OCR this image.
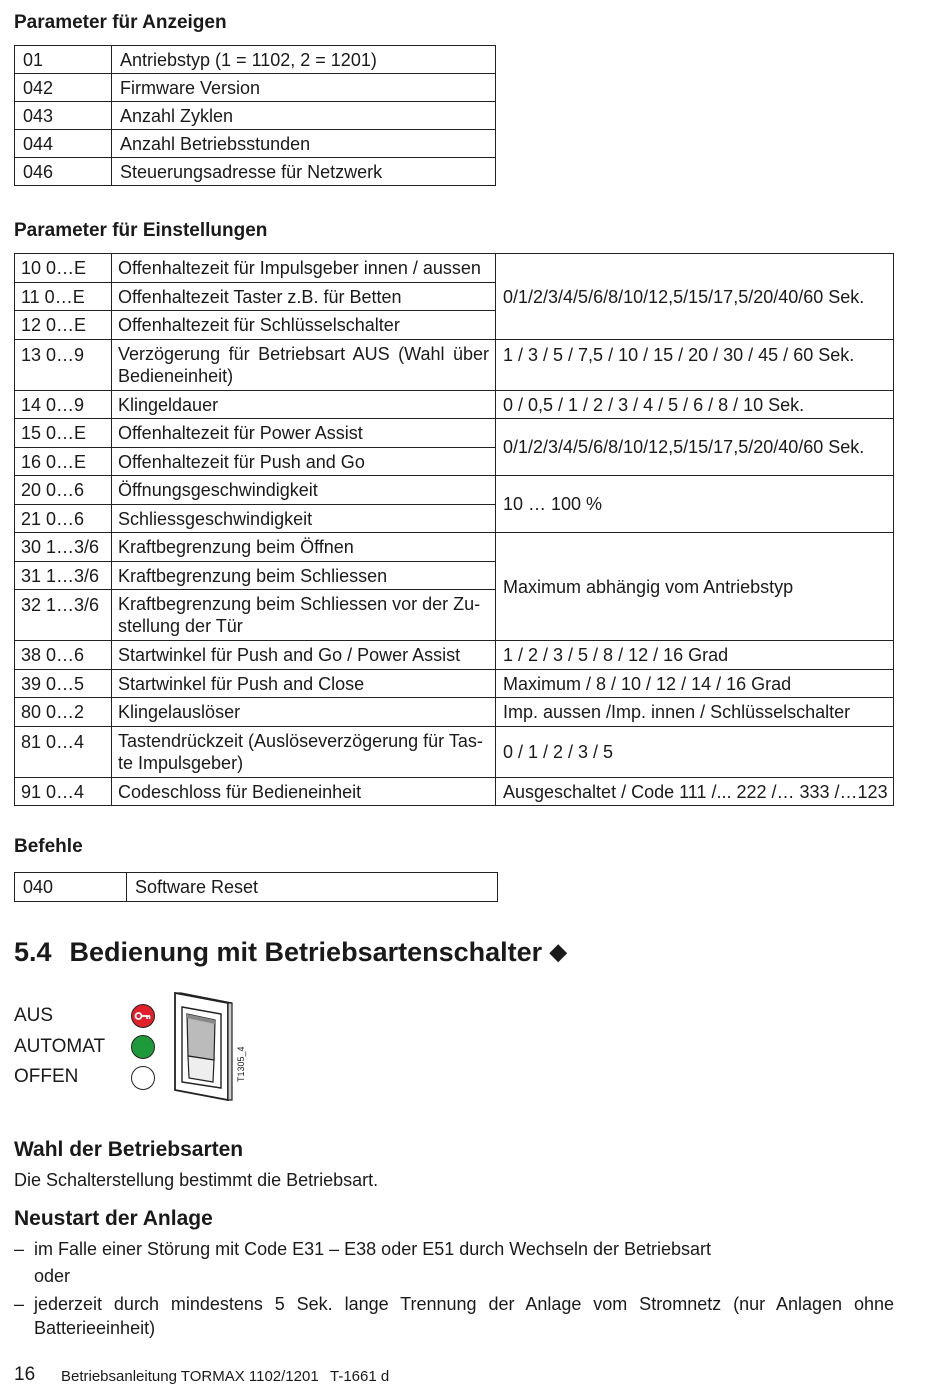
Parameter für Anzeigen
01	Antriebstyp (1 = 1102, 2 = 1201)
042	Firmware Version
043	Anzahl Zyklen
044	Anzahl Betriebsstunden
046	Steuerungsadresse für Netzwerk
Parameter für Einstellungen
10 0…E	Offenhaltezeit für Impulsgeber innen / aussen	0/1/2/3/4/5/6/8/10/12,5/15/17,5/20/40/60 Sek.
11 0…E	Offenhaltezeit Taster z.B. für Betten	
12 0…E	Offenhaltezeit für Schlüsselschalter	
13 0…9	Verzögerung für Betriebsart AUS (Wahl über Bedieneinheit)	1 / 3 / 5 / 7,5 / 10 / 15 / 20 / 30 / 45 / 60 Sek.
14 0…9	Klingeldauer	0 / 0,5 / 1 / 2 / 3 / 4 / 5 / 6 / 8 / 10 Sek.
15 0…E	Offenhaltezeit für Power Assist	0/1/2/3/4/5/6/8/10/12,5/15/17,5/20/40/60 Sek.
16 0…E	Offenhaltezeit für Push and Go	
20 0…6	Öffnungsgeschwindigkeit	10 … 100 %
21 0…6	Schliessgeschwindigkeit	
30 1…3/6	Kraftbegrenzung beim Öffnen	Maximum abhängig vom Antriebstyp
31 1…3/6	Kraftbegrenzung beim Schliessen	
32 1…3/6	Kraftbegrenzung beim Schliessen vor der Zu-
stellung der Tür	
38 0…6	Startwinkel für Push and Go / Power Assist	1 / 2 / 3 / 5 / 8 / 12 / 16 Grad
39 0…5	Startwinkel für Push and Close	Maximum / 8 / 10 / 12 / 14 / 16 Grad
80 0…2	Klingelauslöser	Imp. aussen /Imp. innen / Schlüsselschalter
81 0…4	Tastendrückzeit (Auslöseverzögerung für Tas-
te Impulsgeber)	0 / 1 / 2 / 3 / 5
91 0…4	Codeschloss für Bedieneinheit	Ausgeschaltet / Code 111 /... 222 /… 333 /…123
Befehle
040	Software Reset
5.4 Bedienung mit Betriebsartenschalter ◆
AUS
AUTOMAT
OFFEN	T1305_4
Wahl der Betriebsarten
Die Schalterstellung bestimmt die Betriebsart.
Neustart der Anlage
– im Falle einer Störung mit Code E31 – E38 oder E51 durch Wechseln der Betriebsart
oder
– jederzeit durch mindestens 5 Sek. lange Trennung der Anlage vom Stromnetz (nur Anlagen ohne
Batterieeinheit)
16 Betriebsanleitung TORMAX 1102/1201 T-1661 d
